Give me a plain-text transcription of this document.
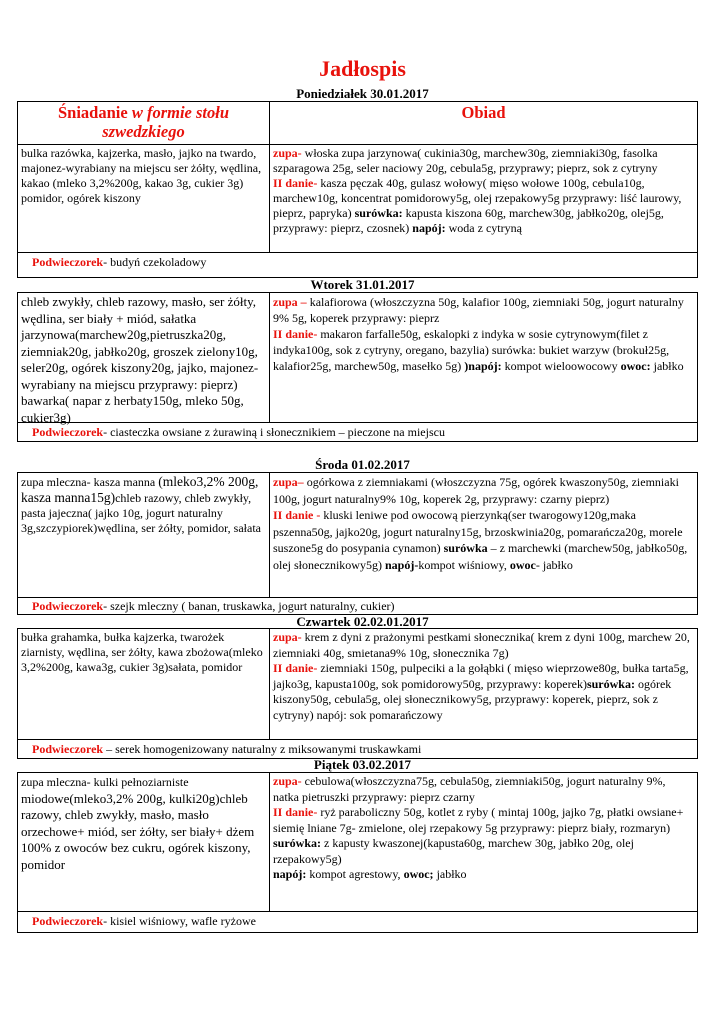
Jadłospis
Poniedziałek 30.01.2017
Śniadanie w formie stołu szwedzkiego
Obiad
bulka razówka, kajzerka, masło, jajko na twardo, majonez-wyrabiany na miejscu ser żółty, wędlina, kakao (mleko 3,2%200g, kakao 3g, cukier 3g) pomidor, ogórek kiszony
zupa- włoska zupa jarzynowa( cukinia30g, marchew30g, ziemniaki30g, fasolka szparagowa 25g, seler naciowy 20g, cebula5g, przyprawy; pieprz, sok z cytryny
II danie- kasza pęczak 40g, gulasz wołowy( mięso wołowe 100g, cebula10g, marchew10g, koncentrat pomidorowy5g, olej rzepakowy5g przyprawy: liść laurowy, pieprz, papryka) surówka: kapusta kiszona 60g, marchew30g, jabłko20g, olej5g, przyprawy: pieprz, czosnek) napój: woda z cytryną
Podwieczorek- budyń czekoladowy
Wtorek 31.01.2017
chleb zwykły, chleb razowy, masło, ser żółty, wędlina, ser biały + miód, sałatka jarzynowa(marchew20g,pietruszka20g, ziemniak20g, jabłko20g, groszek zielony10g, seler20g, ogórek kiszony20g, jajko, majonez-wyrabiany na miejscu przyprawy: pieprz) bawarka( napar z herbaty150g, mleko 50g, cukier3g)
zupa – kalafiorowa (włoszczyzna 50g, kalafior 100g, ziemniaki 50g, jogurt naturalny 9% 5g, koperek przyprawy: pieprz
II danie- makaron farfalle50g, eskalopki z indyka w sosie cytrynowym(filet z indyka100g, sok z cytryny, oregano, bazylia) surówka: bukiet warzyw (brokuł25g, kalafior25g, marchew50g, masełko 5g) )napój: kompot wieloowocowy owoc: jabłko
Podwieczorek- ciasteczka owsiane z żurawiną i słonecznikiem – pieczone na miejscu
Środa 01.02.2017
zupa mleczna- kasza manna (mleko3,2% 200g, kasza manna15g)chleb razowy, chleb zwykły, pasta jajeczna( jajko 10g, jogurt naturalny 3g,szczypiorek)wędlina, ser żółty, pomidor, sałata
zupa– ogórkowa z ziemniakami (włoszczyzna 75g, ogórek kwaszony50g, ziemniaki 100g, jogurt naturalny9% 10g, koperek 2g, przyprawy: czarny pieprz)
II danie - kluski leniwe pod owocową pierzynką(ser twarogowy120g,maka pszenna50g, jajko20g, jogurt naturalny15g, brzoskwinia20g, pomarańcza20g, morele suszone5g do posypania cynamon) surówka – z marchewki (marchew50g, jabłko50g, olej słonecznikowy5g) napój-kompot wiśniowy, owoc- jabłko
Podwieczorek- szejk mleczny ( banan, truskawka, jogurt naturalny, cukier)
Czwartek 02.02.01.2017
bułka grahamka, bułka kajzerka, twarożek ziarnisty, wędlina, ser żółty, kawa zbożowa(mleko 3,2%200g, kawa3g, cukier 3g)sałata, pomidor
zupa- krem z dyni z prażonymi pestkami słonecznika( krem z dyni 100g, marchew 20, ziemniaki 40g, smietana9% 10g, słonecznika 7g)
II danie- ziemniaki 150g, pulpeciki a la gołąbki ( mięso wieprzowe80g, bułka tarta5g, jajko3g, kapusta100g, sok pomidorowy50g, przyprawy: koperek)surówka: ogórek kiszony50g, cebula5g, olej słonecznikowy5g, przyprawy: koperek, pieprz, sok z cytryny) napój: sok pomarańczowy
Podwieczorek – serek homogenizowany naturalny z miksowanymi truskawkami
Piątek 03.02.2017
zupa mleczna- kulki pełnoziarniste miodowe(mleko3,2% 200g, kulki20g)chleb razowy, chleb zwykły, masło, masło orzechowe+ miód, ser żółty, ser biały+ dżem 100% z owoców bez cukru, ogórek kiszony, pomidor
zupa- cebulowa(włoszczyzna75g, cebula50g, ziemniaki50g, jogurt naturalny 9%, natka pietruszki przyprawy: pieprz czarny
II danie- ryż paraboliczny 50g, kotlet z ryby ( mintaj 100g, jajko 7g, płatki owsiane+ siemię lniane 7g- zmielone, olej rzepakowy 5g przyprawy: pieprz biały, rozmaryn) surówka: z kapusty kwaszonej(kapusta60g, marchew 30g, jabłko 20g, olej rzepakowy5g)
napój: kompot agrestowy, owoc; jabłko
Podwieczorek- kisiel wiśniowy, wafle ryżowe
